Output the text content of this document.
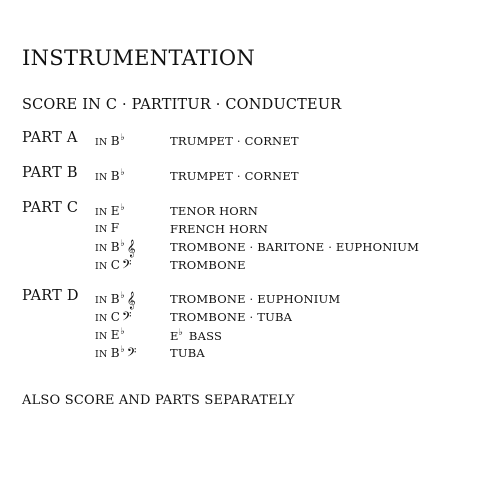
INSTRUMENTATION
SCORE IN C · PARTITUR · CONDUCTEUR
PART A IN B♭	TRUMPET · CORNET
PART B IN B♭	TRUMPET · CORNET
PART C IN E♭	TENOR HORN
IN F	FRENCH HORN
IN B♭ 𝄞	TROMBONE · BARITONE · EUPHONIUM
IN C 𝄢	TROMBONE
PART D IN B♭ 𝄞	TROMBONE · EUPHONIUM
IN C 𝄢	TROMBONE · TUBA
IN E♭	E♭ BASS
IN B♭ 𝄢	TUBA
ALSO SCORE AND PARTS SEPARATELY
